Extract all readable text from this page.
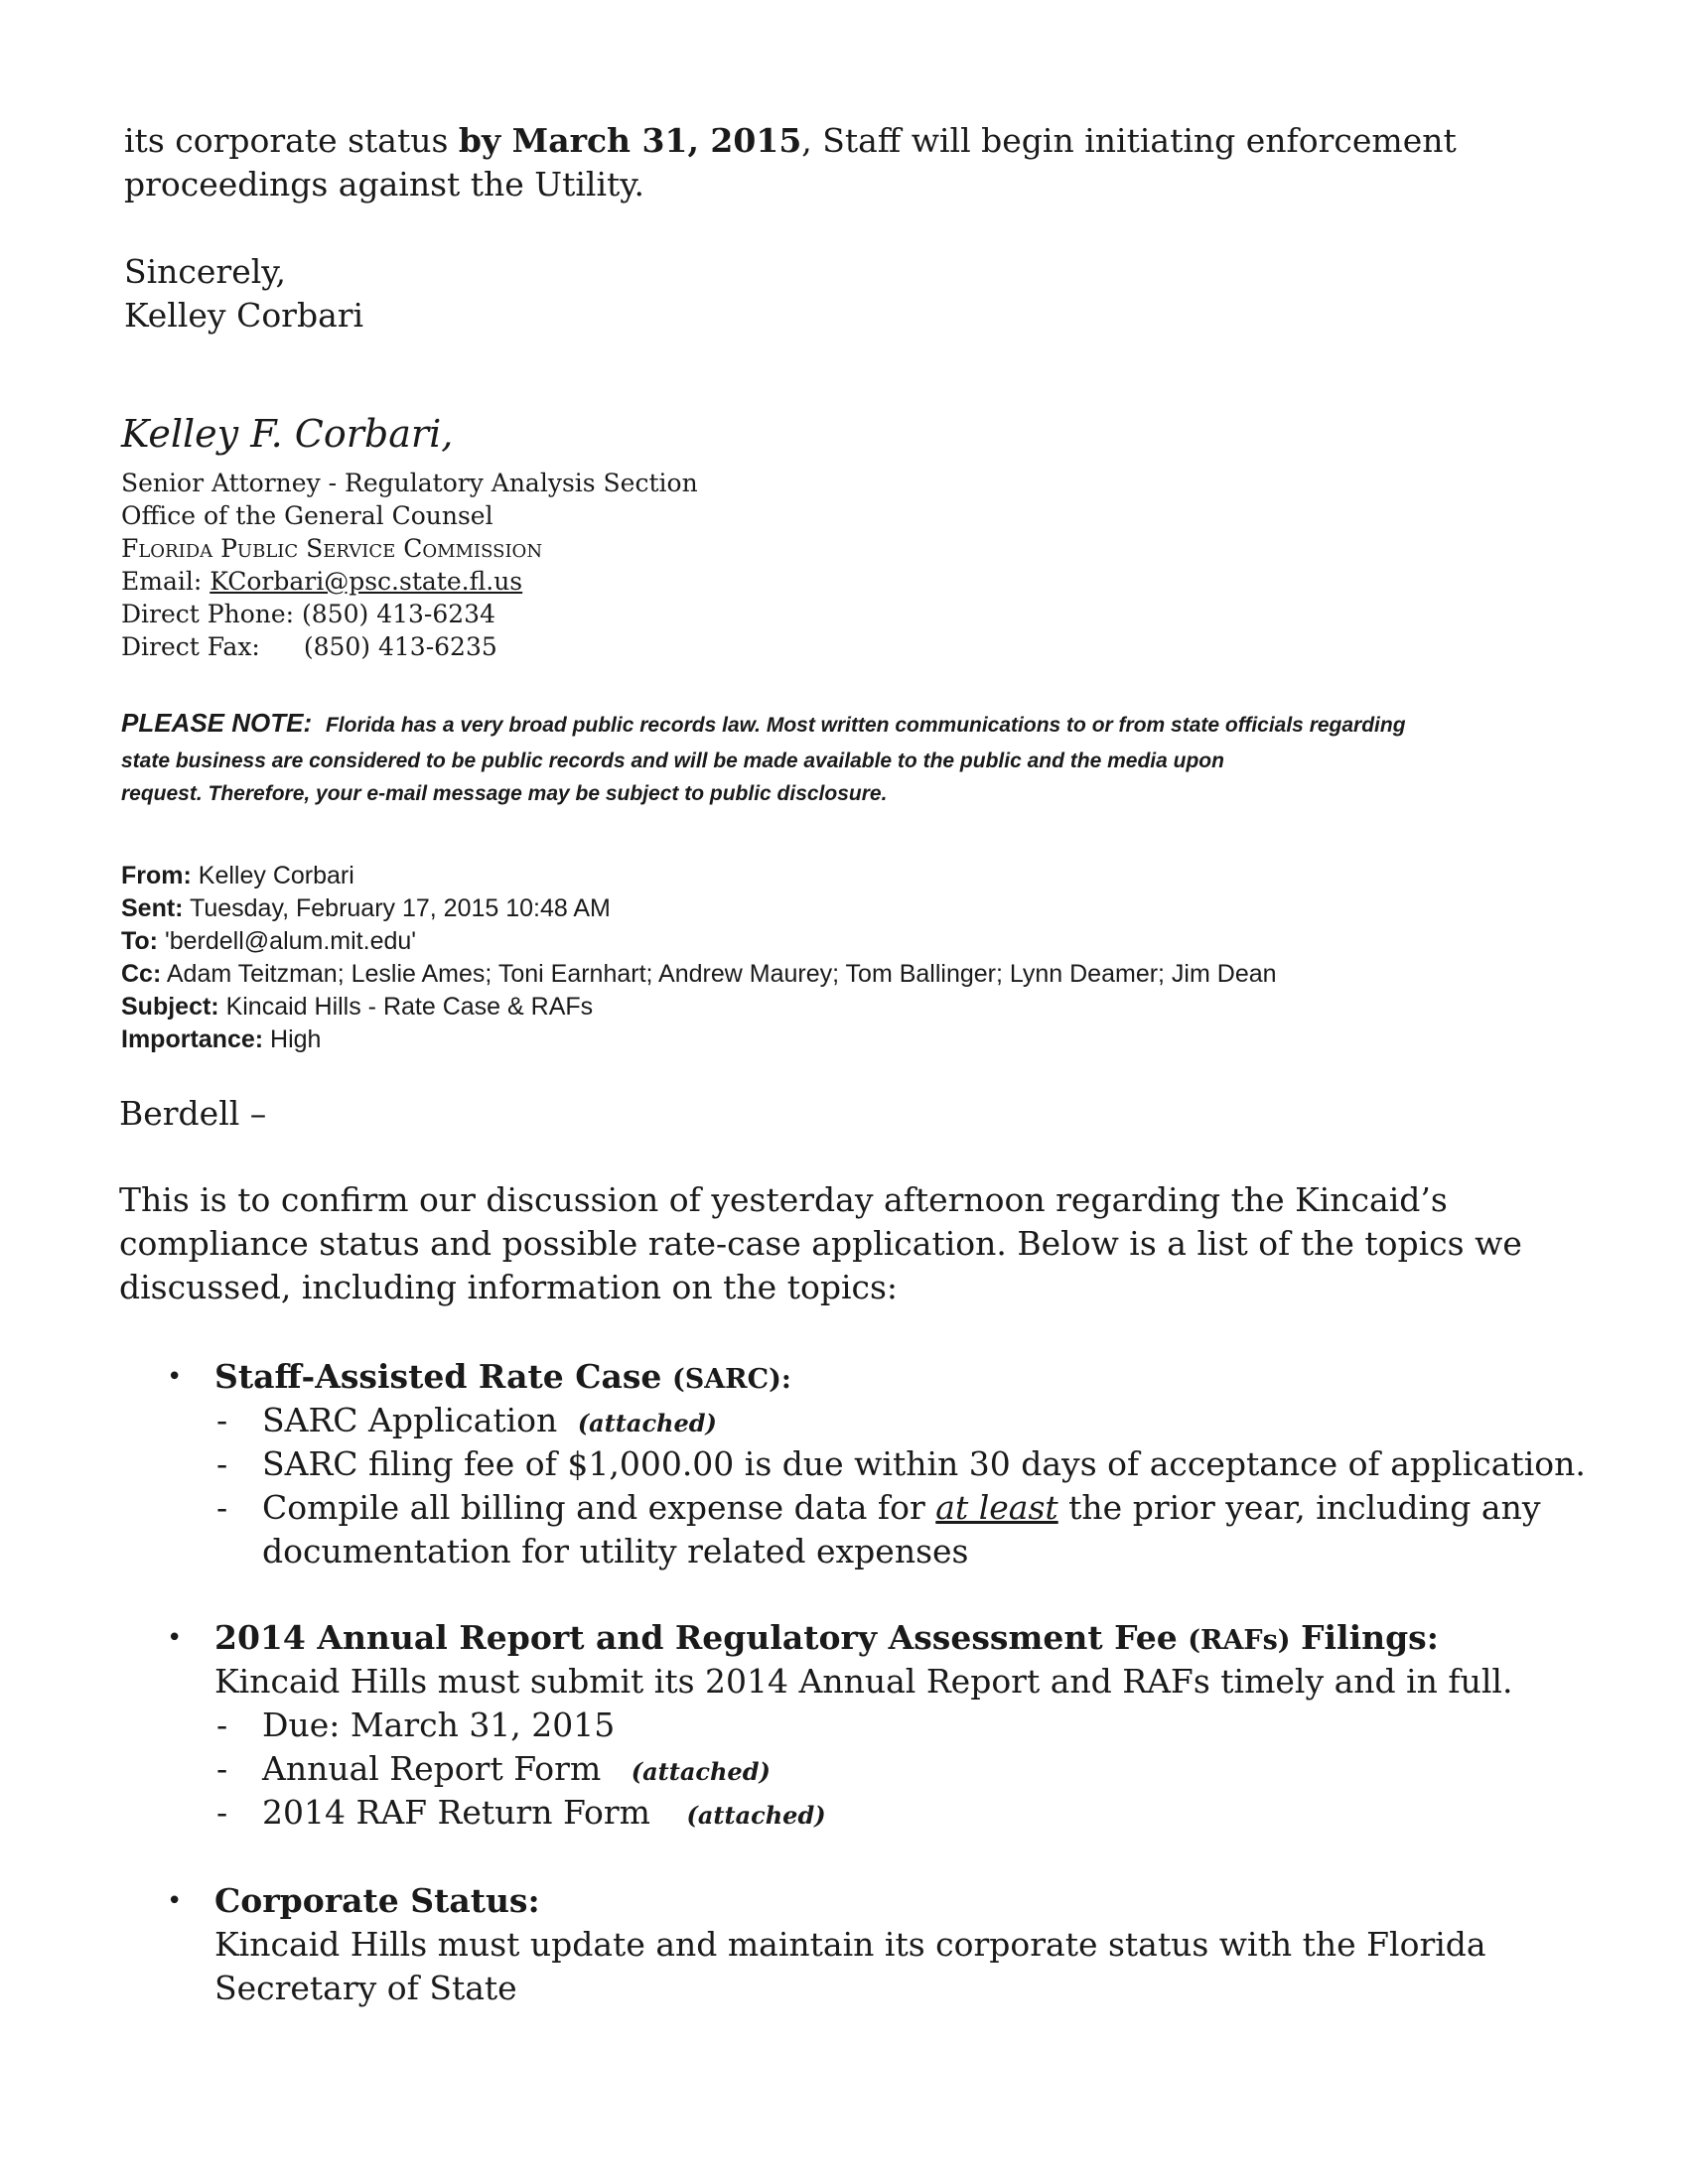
its corporate status by March 31, 2015, Staff will begin initiating enforcement
proceedings against the Utility.
Sincerely,
Kelley Corbari
Kelley F. Corbari,
Senior Attorney - Regulatory Analysis Section
Office of the General Counsel
Florida Public Service Commission
Email: KCorbari@psc.state.fl.us
Direct Phone: (850) 413-6234
Direct Fax: (850) 413-6235
PLEASE NOTE: Florida has a very broad public records law. Most written communications to or from state officials regarding
state business are considered to be public records and will be made available to the public and the media upon
request. Therefore, your e-mail message may be subject to public disclosure.
From: Kelley Corbari
Sent: Tuesday, February 17, 2015 10:48 AM
To: 'berdell@alum.mit.edu'
Cc: Adam Teitzman; Leslie Ames; Toni Earnhart; Andrew Maurey; Tom Ballinger; Lynn Deamer; Jim Dean
Subject: Kincaid Hills - Rate Case & RAFs
Importance: High
Berdell –
This is to confirm our discussion of yesterday afternoon regarding the Kincaid’s
compliance status and possible rate-case application. Below is a list of the topics we
discussed, including information on the topics:
• Staff-Assisted Rate Case (SARC):
- SARC Application (attached)
- SARC filing fee of $1,000.00 is due within 30 days of acceptance of application.
- Compile all billing and expense data for at least the prior year, including any
documentation for utility related expenses
• 2014 Annual Report and Regulatory Assessment Fee (RAFs) Filings:
Kincaid Hills must submit its 2014 Annual Report and RAFs timely and in full.
- Due: March 31, 2015
- Annual Report Form (attached)
- 2014 RAF Return Form (attached)
• Corporate Status:
Kincaid Hills must update and maintain its corporate status with the Florida
Secretary of State
